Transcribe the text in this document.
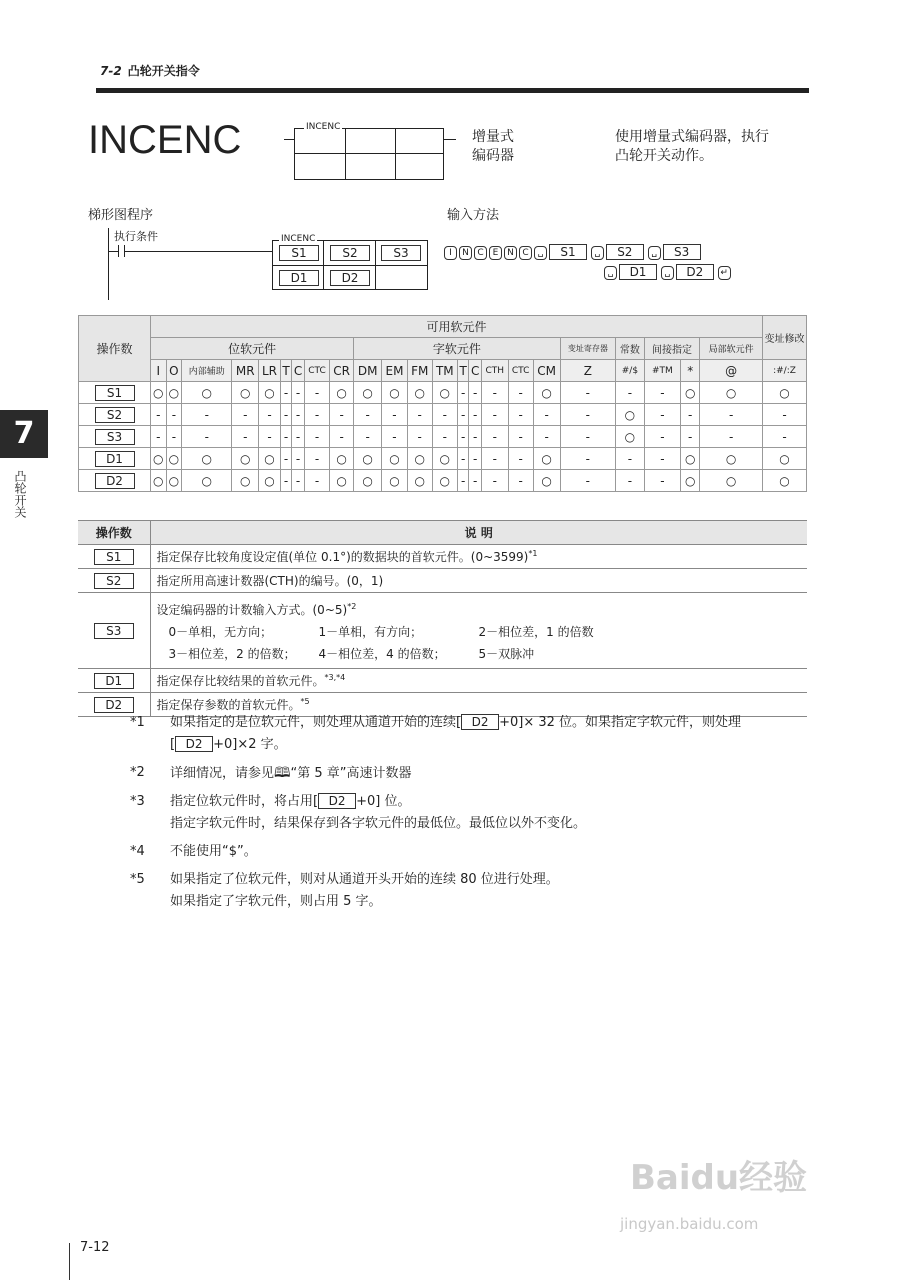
7-2 凸轮开关指令
INCENC	INCENC
增量式
编码器
使用增量式编码器，执行
凸轮开关动作。
梯形图程序
执行条件	INCENC
S1	S2	S3
D1	D2
输入方法
I N C E N C ␣ S1 ␣ S2 ␣ S3
␣ D1 ␣ D2 ↵
操作数	可用软元件																							变址修改
	位软元件									字软元件									变址寄存器	常数	间接指定		局部软元件	
	I	O	内部辅助	MR	LR	T	C	CTC	CR	DM	EM	FM	TM	T	C	CTH	CTC	CM	Z	#/$	#TM	*	@	:#/:Z
S1	○	○	○	○	○	-	-	-	○	○	○	○	○	-	-	-	-	○	-	-	-	○	○	○
S2	-	-	-	-	-	-	-	-	-	-	-	-	-	-	-	-	-	-	-	○	-	-	-	-
S3	-	-	-	-	-	-	-	-	-	-	-	-	-	-	-	-	-	-	-	○	-	-	-	-
D1	○	○	○	○	○	-	-	-	○	○	○	○	○	-	-	-	-	○	-	-	-	○	○	○
D2	○	○	○	○	○	-	-	-	○	○	○	○	○	-	-	-	-	○	-	-	-	○	○	○
操作数	说 明
S1	指定保存比较角度设定值(单位 0.1°)的数据块的首软元件。(0~3599)$^{*1}$
S2	指定所用高速计数器(CTH)的编号。(0，1)
S3	设定编码器的计数输入方式。(0~5)$^{*2}$
0－单相，无方向； 1－单相，有方向； 2－相位差，1 的倍数
3－相位差，2 的倍数； 4－相位差，4 的倍数； 5－双脉冲

D1	指定保存比较结果的首软元件。$^{*3,*4}$
D2	指定保存参数的首软元件。$^{*5}$
*1 如果指定的是位软元件，则处理从通道开始的连续[ D2 +0]× 32 位。如果指定字软元件，则处理
[ D2 +0]×2 字。
*2 详细情况，请参见🕮“第 5 章”高速计数器
*3 指定位软元件时，将占用[ D2 +0] 位。
指定字软元件时，结果保存到各字软元件的最低位。最低位以外不变化。
*4 不能使用“$”。
*5 如果指定了位软元件，则对从通道开头开始的连续 80 位进行处理。
如果指定了字软元件，则占用 5 字。
7
凸轮开关
Baidu经验
jingyan.baidu.com
7-12
